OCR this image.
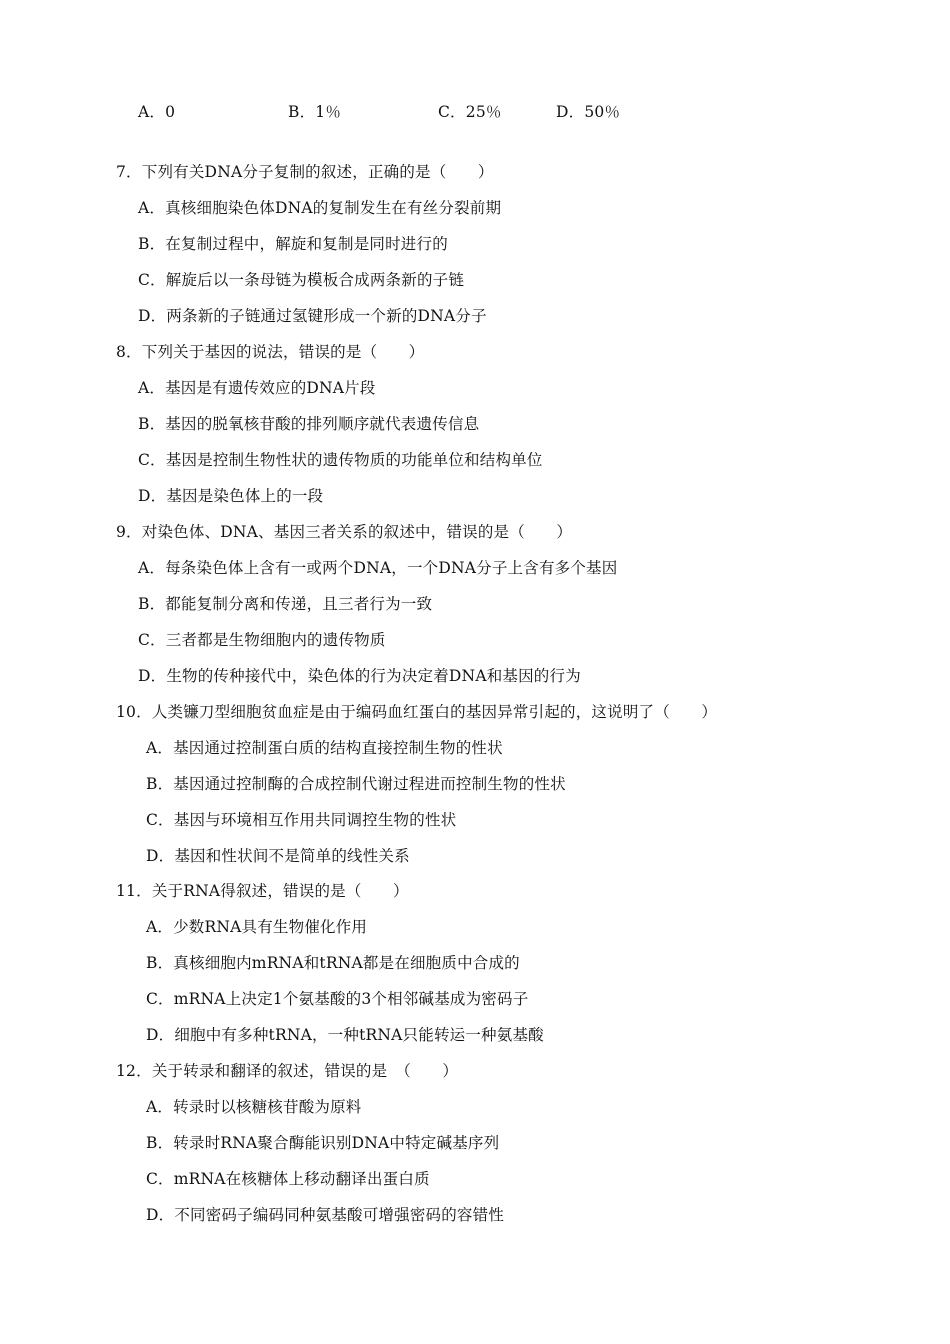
A．0	B．1％	C．25％	D．50％
7．下列有关DNA分子复制的叙述，正确的是（　　）
A．真核细胞染色体DNA的复制发生在有丝分裂前期
B．在复制过程中，解旋和复制是同时进行的
C．解旋后以一条母链为模板合成两条新的子链
D．两条新的子链通过氢键形成一个新的DNA分子
8．下列关于基因的说法，错误的是（　　）
A．基因是有遗传效应的DNA片段
B．基因的脱氧核苷酸的排列顺序就代表遗传信息
C．基因是控制生物性状的遗传物质的功能单位和结构单位
D．基因是染色体上的一段
9．对染色体、DNA、基因三者关系的叙述中，错误的是（　　）
A．每条染色体上含有一或两个DNA，一个DNA分子上含有多个基因
B．都能复制分离和传递，且三者行为一致
C．三者都是生物细胞内的遗传物质
D．生物的传种接代中，染色体的行为决定着DNA和基因的行为
10．人类镰刀型细胞贫血症是由于编码血红蛋白的基因异常引起的，这说明了（　　）
A．基因通过控制蛋白质的结构直接控制生物的性状
B．基因通过控制酶的合成控制代谢过程进而控制生物的性状
C．基因与环境相互作用共同调控生物的性状
D．基因和性状间不是简单的线性关系
11．关于RNA得叙述，错误的是（　　）
A．少数RNA具有生物催化作用
B．真核细胞内mRNA和tRNA都是在细胞质中合成的
C．mRNA上决定1个氨基酸的3个相邻碱基成为密码子
D．细胞中有多种tRNA，一种tRNA只能转运一种氨基酸
12．关于转录和翻译的叙述，错误的是　（　　）
A．转录时以核糖核苷酸为原料
B．转录时RNA聚合酶能识别DNA中特定碱基序列
C．mRNA在核糖体上移动翻译出蛋白质
D．不同密码子编码同种氨基酸可增强密码的容错性
